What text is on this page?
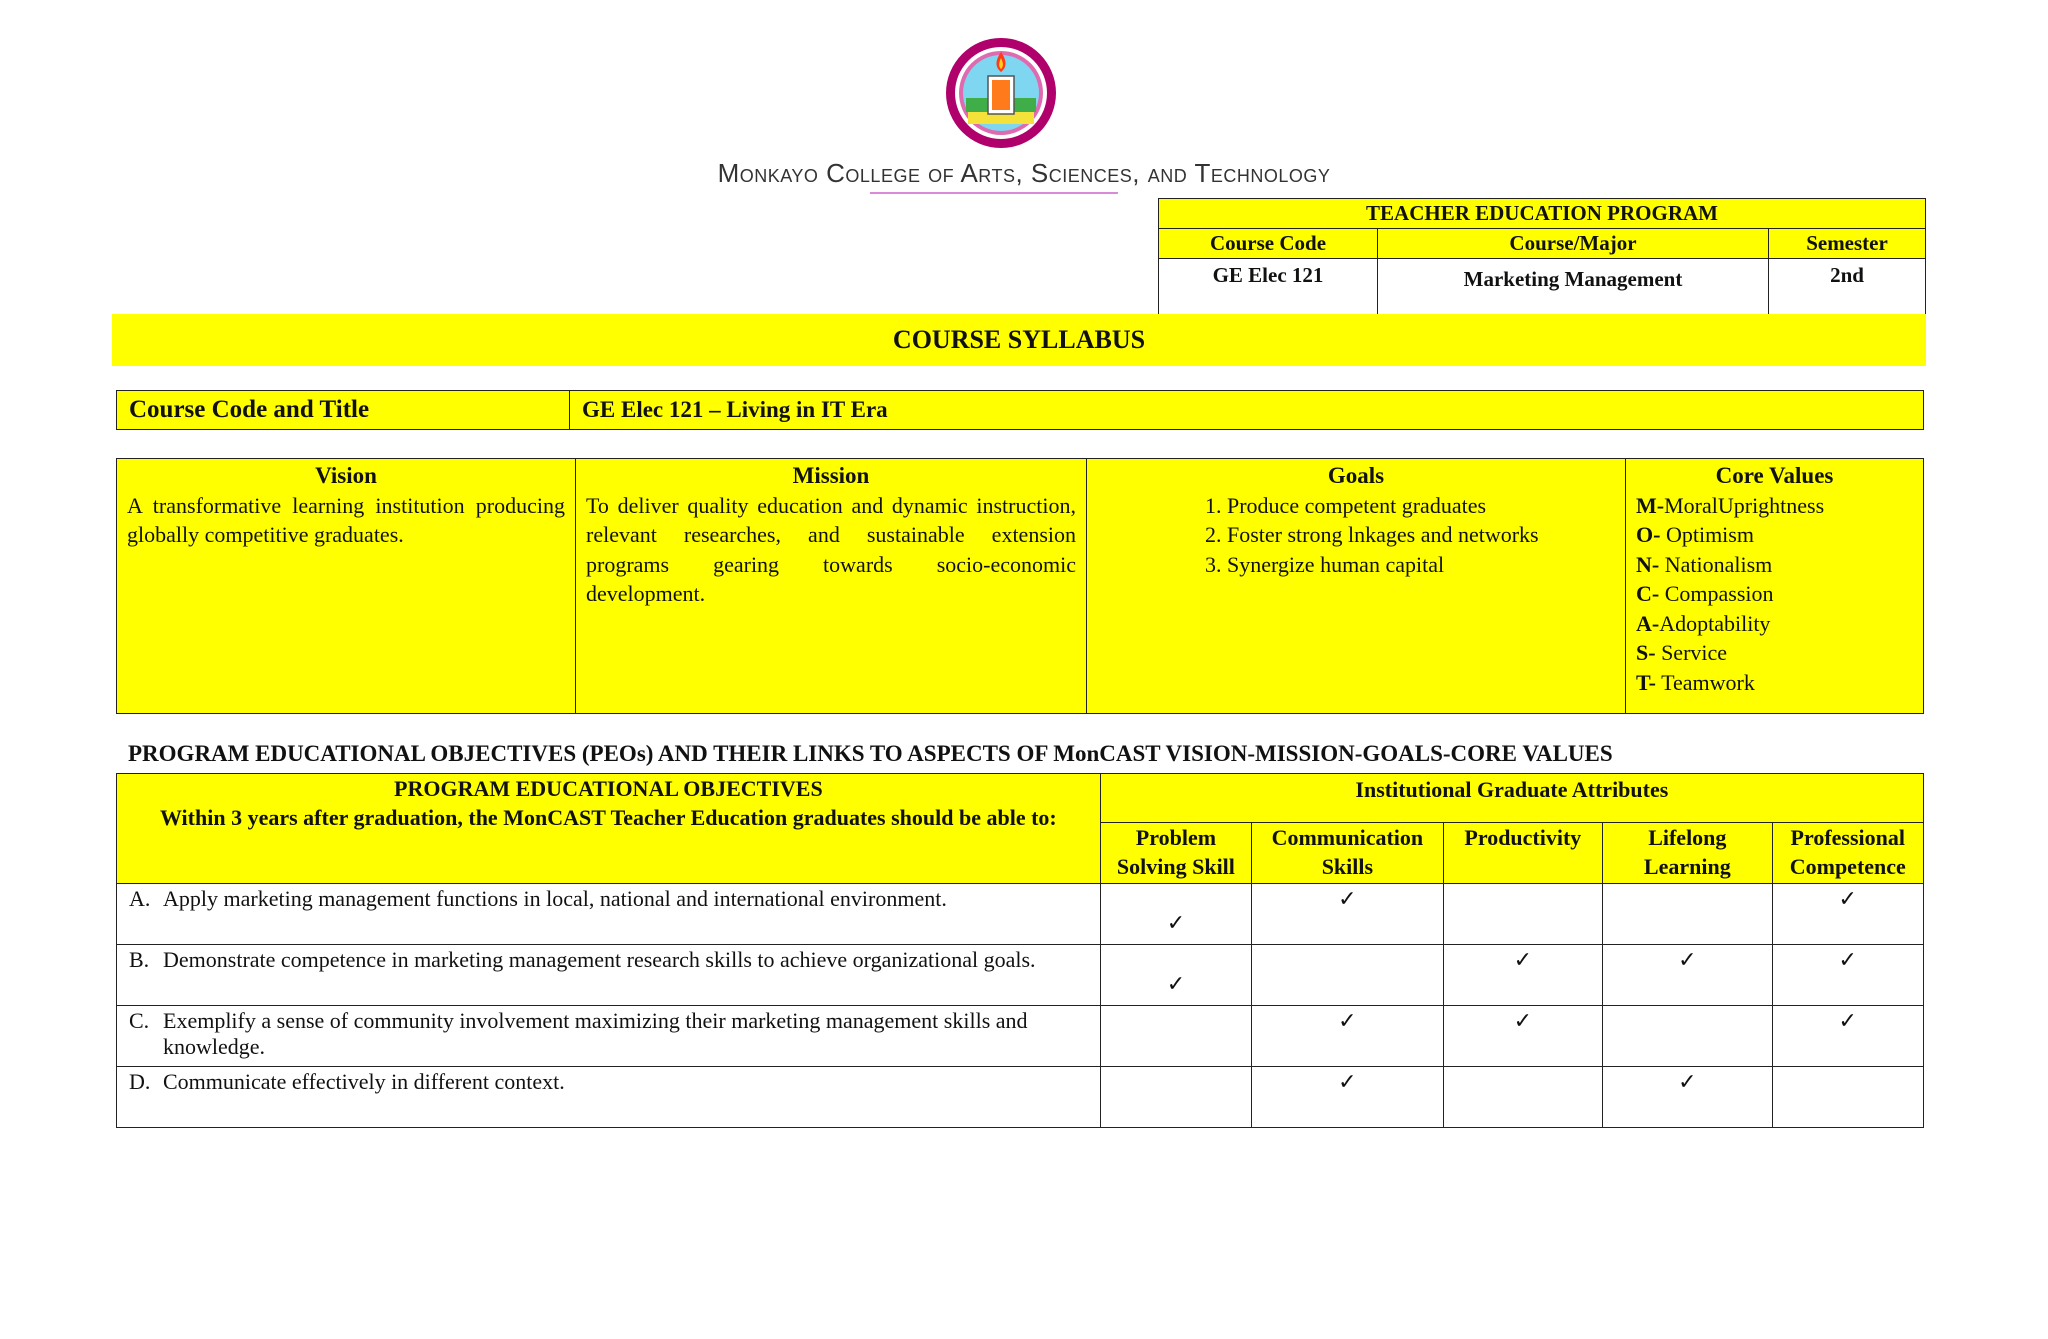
Monkayo College of Arts, Sciences, and Technology
TEACHER EDUCATION PROGRAM		
Course Code	Course/Major	Semester
GE Elec 121	Marketing Management	2nd
COURSE SYLLABUS
Course Code and Title	GE Elec 121 – Living in IT Era
Vision
A transformative learning institution producing globally competitive graduates.

Mission
To deliver quality education and dynamic instruction, relevant researches, and sustainable extension programs gearing towards socio-economic development.

Goals
1. Produce competent graduates
2. Foster strong lnkages and networks
3. Synergize human capital

Core Values
M-MoralUprightness
O- Optimism
N- Nationalism
C- Compassion
A-Adoptability
S- Service
T- Teamwork
PROGRAM EDUCATIONAL OBJECTIVES (PEOs) AND THEIR LINKS TO ASPECTS OF MonCAST VISION-MISSION-GOALS-CORE VALUES
PROGRAM EDUCATIONAL OBJECTIVES
Within 3 years after graduation, the MonCAST Teacher Education graduates should be able to:	Institutional Graduate Attributes				
	Problem Solving Skill	Communication Skills	Productivity	Lifelong Learning	Professional Competence

A. Apply marketing management functions in local, national and international environment.	✓	✓			✓

B. Demonstrate competence in marketing management research skills to achieve organizational goals.	✓		✓	✓	✓

C. Exemplify a sense of community involvement maximizing their marketing management skills and knowledge.		✓	✓		✓

D. Communicate effectively in different context.		✓		✓	
